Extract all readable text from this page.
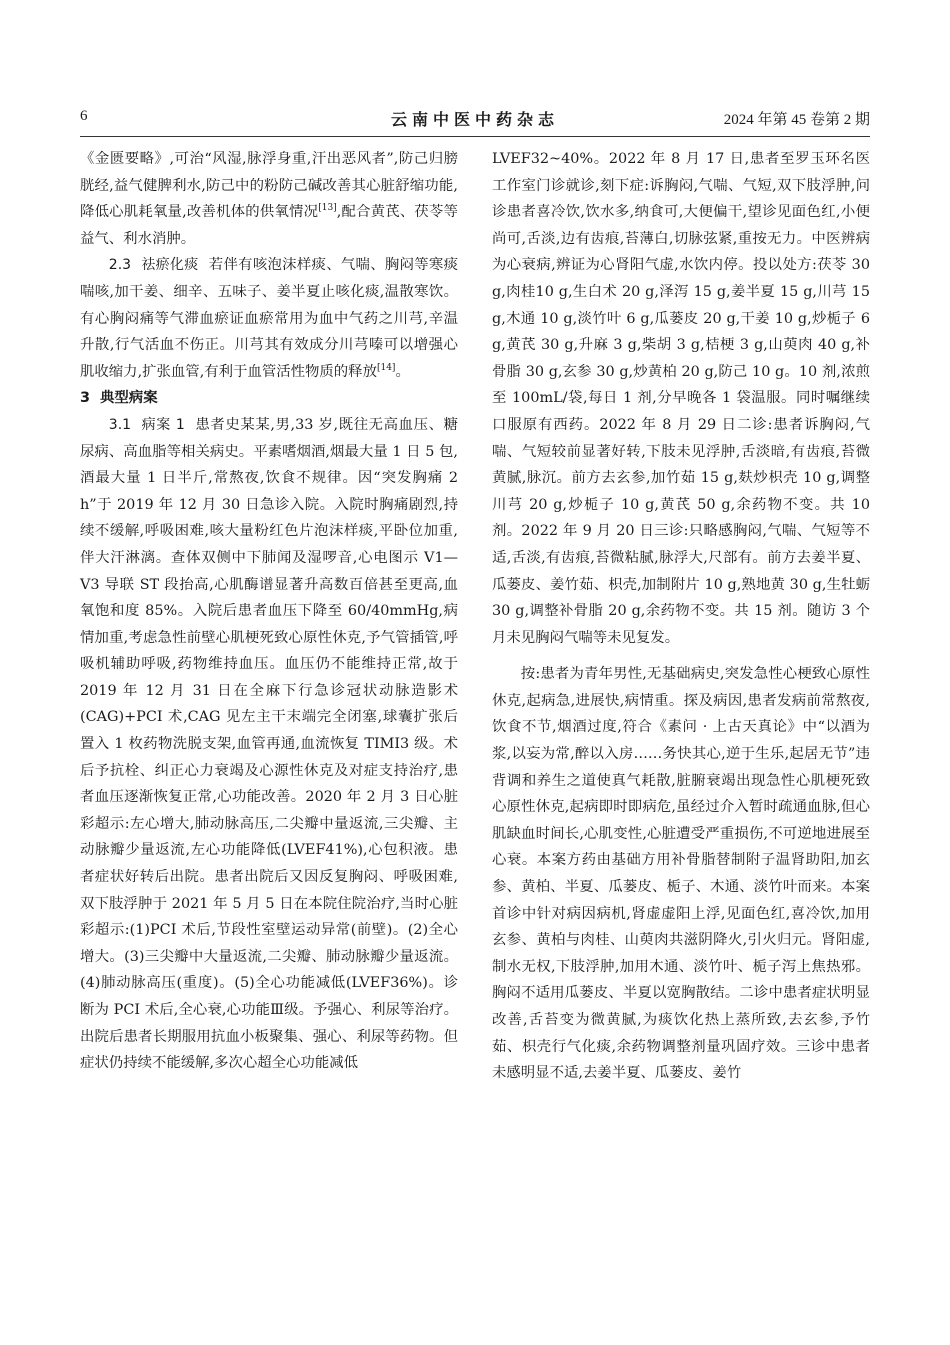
6	云南中医中药杂志	2024 年第 45 卷第 2 期

《金匮要略》,可治“风湿,脉浮身重,汗出恶风者”,防己归膀胱经,益气健脾利水,防己中的粉防己碱改善其心脏舒缩功能,降低心肌耗氧量,改善机体的供氧情况[13],配合黄芪、茯苓等益气、利水消肿。

2.3 祛瘀化痰 若伴有咳泡沫样痰、气喘、胸闷等寒痰喘咳,加干姜、细辛、五味子、姜半夏止咳化痰,温散寒饮。有心胸闷痛等气滞血瘀证血瘀常用为血中气药之川芎,辛温升散,行气活血不伤正。川芎其有效成分川芎嗪可以增强心肌收缩力,扩张血管,有利于血管活性物质的释放[14]。

3 典型病案

3.1 病案 1 患者史某某,男,33 岁,既往无高血压、糖尿病、高血脂等相关病史。平素嗜烟酒,烟最大量 1 日 5 包,酒最大量 1 日半斤,常熬夜,饮食不规律。因“突发胸痛 2 h”于 2019 年 12 月 30 日急诊入院。入院时胸痛剧烈,持续不缓解,呼吸困难,咳大量粉红色片泡沫样痰,平卧位加重,伴大汗淋漓。查体双侧中下肺闻及湿啰音,心电图示 V1—V3 导联 ST 段抬高,心肌酶谱显著升高数百倍甚至更高,血氧饱和度 85%。入院后患者血压下降至 60/40mmHg,病情加重,考虑急性前壁心肌梗死致心原性休克,予气管插管,呼吸机辅助呼吸,药物维持血压。血压仍不能维持正常,故于 2019 年 12 月 31 日在全麻下行急诊冠状动脉造影术(CAG)+PCI 术,CAG 见左主干末端完全闭塞,球囊扩张后置入 1 枚药物洗脱支架,血管再通,血流恢复 TIMI3 级。术后予抗栓、纠正心力衰竭及心源性休克及对症支持治疗,患者血压逐渐恢复正常,心功能改善。2020 年 2 月 3 日心脏彩超示:左心增大,肺动脉高压,二尖瓣中量返流,三尖瓣、主动脉瓣少量返流,左心功能降低(LVEF41%),心包积液。患者症状好转后出院。患者出院后又因反复胸闷、呼吸困难,双下肢浮肿于 2021 年 5 月 5 日在本院住院治疗,当时心脏彩超示:(1)PCI 术后,节段性室壁运动异常(前壁)。(2)全心增大。(3)三尖瓣中大量返流,二尖瓣、肺动脉瓣少量返流。(4)肺动脉高压(重度)。(5)全心功能减低(LVEF36%)。诊断为 PCI 术后,全心衰,心功能Ⅲ级。予强心、利尿等治疗。出院后患者长期服用抗血小板聚集、强心、利尿等药物。但症状仍持续不能缓解,多次心超全心功能减低

LVEF32~40%。2022 年 8 月 17 日,患者至罗玉环名医工作室门诊就诊,刻下症:诉胸闷,气喘、气短,双下肢浮肿,问诊患者喜冷饮,饮水多,纳食可,大便偏干,望诊见面色红,小便尚可,舌淡,边有齿痕,苔薄白,切脉弦紧,重按无力。中医辨病为心衰病,辨证为心肾阳气虚,水饮内停。投以处方:茯苓 30 g,肉桂10 g,生白术 20 g,泽泻 15 g,姜半夏 15 g,川芎 15 g,木通 10 g,淡竹叶 6 g,瓜蒌皮 20 g,干姜 10 g,炒栀子 6 g,黄芪 30 g,升麻 3 g,柴胡 3 g,桔梗 3 g,山萸肉 40 g,补骨脂 30 g,玄参 30 g,炒黄柏 20 g,防己 10 g。10 剂,浓煎至 100mL/袋,每日 1 剂,分早晚各 1 袋温服。同时嘱继续口服原有西药。2022 年 8 月 29 日二诊:患者诉胸闷,气喘、气短较前显著好转,下肢未见浮肿,舌淡暗,有齿痕,苔微黄腻,脉沉。前方去玄参,加竹茹 15 g,麸炒枳壳 10 g,调整川芎 20 g,炒栀子 10 g,黄芪 50 g,余药物不变。共 10 剂。2022 年 9 月 20 日三诊:只略感胸闷,气喘、气短等不适,舌淡,有齿痕,苔微粘腻,脉浮大,尺部有。前方去姜半夏、瓜蒌皮、姜竹茹、枳壳,加制附片 10 g,熟地黄 30 g,生牡蛎 30 g,调整补骨脂 20 g,余药物不变。共 15 剂。随访 3 个月未见胸闷气喘等未见复发。

按:患者为青年男性,无基础病史,突发急性心梗致心原性休克,起病急,进展快,病情重。探及病因,患者发病前常熬夜,饮食不节,烟酒过度,符合《素问 · 上古天真论》中“以酒为浆,以妄为常,醉以入房……务快其心,逆于生乐,起居无节”违背调和养生之道使真气耗散,脏腑衰竭出现急性心肌梗死致心原性休克,起病即时即病危,虽经过介入暂时疏通血脉,但心肌缺血时间长,心肌变性,心脏遭受严重损伤,不可逆地进展至心衰。本案方药由基础方用补骨脂替制附子温肾助阳,加玄参、黄柏、半夏、瓜蒌皮、栀子、木通、淡竹叶而来。本案首诊中针对病因病机,肾虚虚阳上浮,见面色红,喜冷饮,加用玄参、黄柏与肉桂、山萸肉共滋阴降火,引火归元。肾阳虚,制水无权,下肢浮肿,加用木通、淡竹叶、栀子泻上焦热邪。胸闷不适用瓜蒌皮、半夏以宽胸散结。二诊中患者症状明显改善,舌苔变为微黄腻,为痰饮化热上蒸所致,去玄参,予竹茹、枳壳行气化痰,余药物调整剂量巩固疗效。三诊中患者未感明显不适,去姜半夏、瓜蒌皮、姜竹
